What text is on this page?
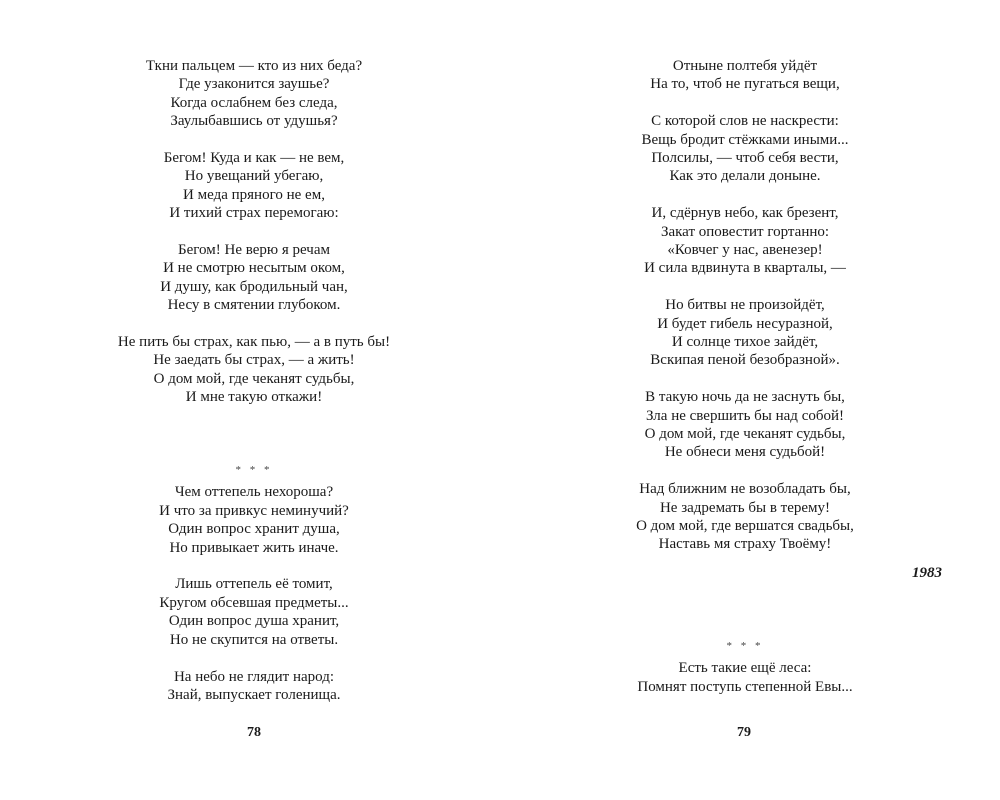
Ткни пальцем — кто из них беда?
Где узаконится заушье?
Когда ослабнем без следа,
Заулыбавшись от удушья?
Бегом! Куда и как — не вем,
Но увещаний убегаю,
И меда пряного не ем,
И тихий страх перемогаю:
Бегом! Не верю я речам
И не смотрю несытым оком,
И душу, как бродильный чан,
Несу в смятении глубоком.
Не пить бы страх, как пью, — а в путь бы!
Не заедать бы страх, — а жить!
О дом мой, где чеканят судьбы,
И мне такую откажи!
* * *
Чем оттепель нехороша?
И что за привкус неминучий?
Один вопрос хранит душа,
Но привыкает жить иначе.
Лишь оттепель её томит,
Кругом обсевшая предметы...
Один вопрос душа хранит,
Но не скупится на ответы.
На небо не глядит народ:
Знай, выпускает голенища.
78
Отныне полтебя уйдёт
На то, чтоб не пугаться вещи,
С которой слов не наскрести:
Вещь бродит стёжками иными...
Полсилы, — чтоб себя вести,
Как это делали доныне.
И, сдёрнув небо, как брезент,
Закат оповестит гортанно:
«Ковчег у нас, авенезер!
И сила вдвинута в кварталы, —
Но битвы не произойдёт,
И будет гибель несуразной,
И солнце тихое зайдёт,
Вскипая пеной безобразной».
В такую ночь да не заснуть бы,
Зла не свершить бы над собой!
О дом мой, где чеканят судьбы,
Не обнеси меня судьбой!
Над ближним не возобладать бы,
Не задремать бы в терему!
О дом мой, где вершатся свадьбы,
Наставь мя страху Твоёму!
1983
* * *
Есть такие ещё леса:
Помнят поступь степенной Евы...
79
